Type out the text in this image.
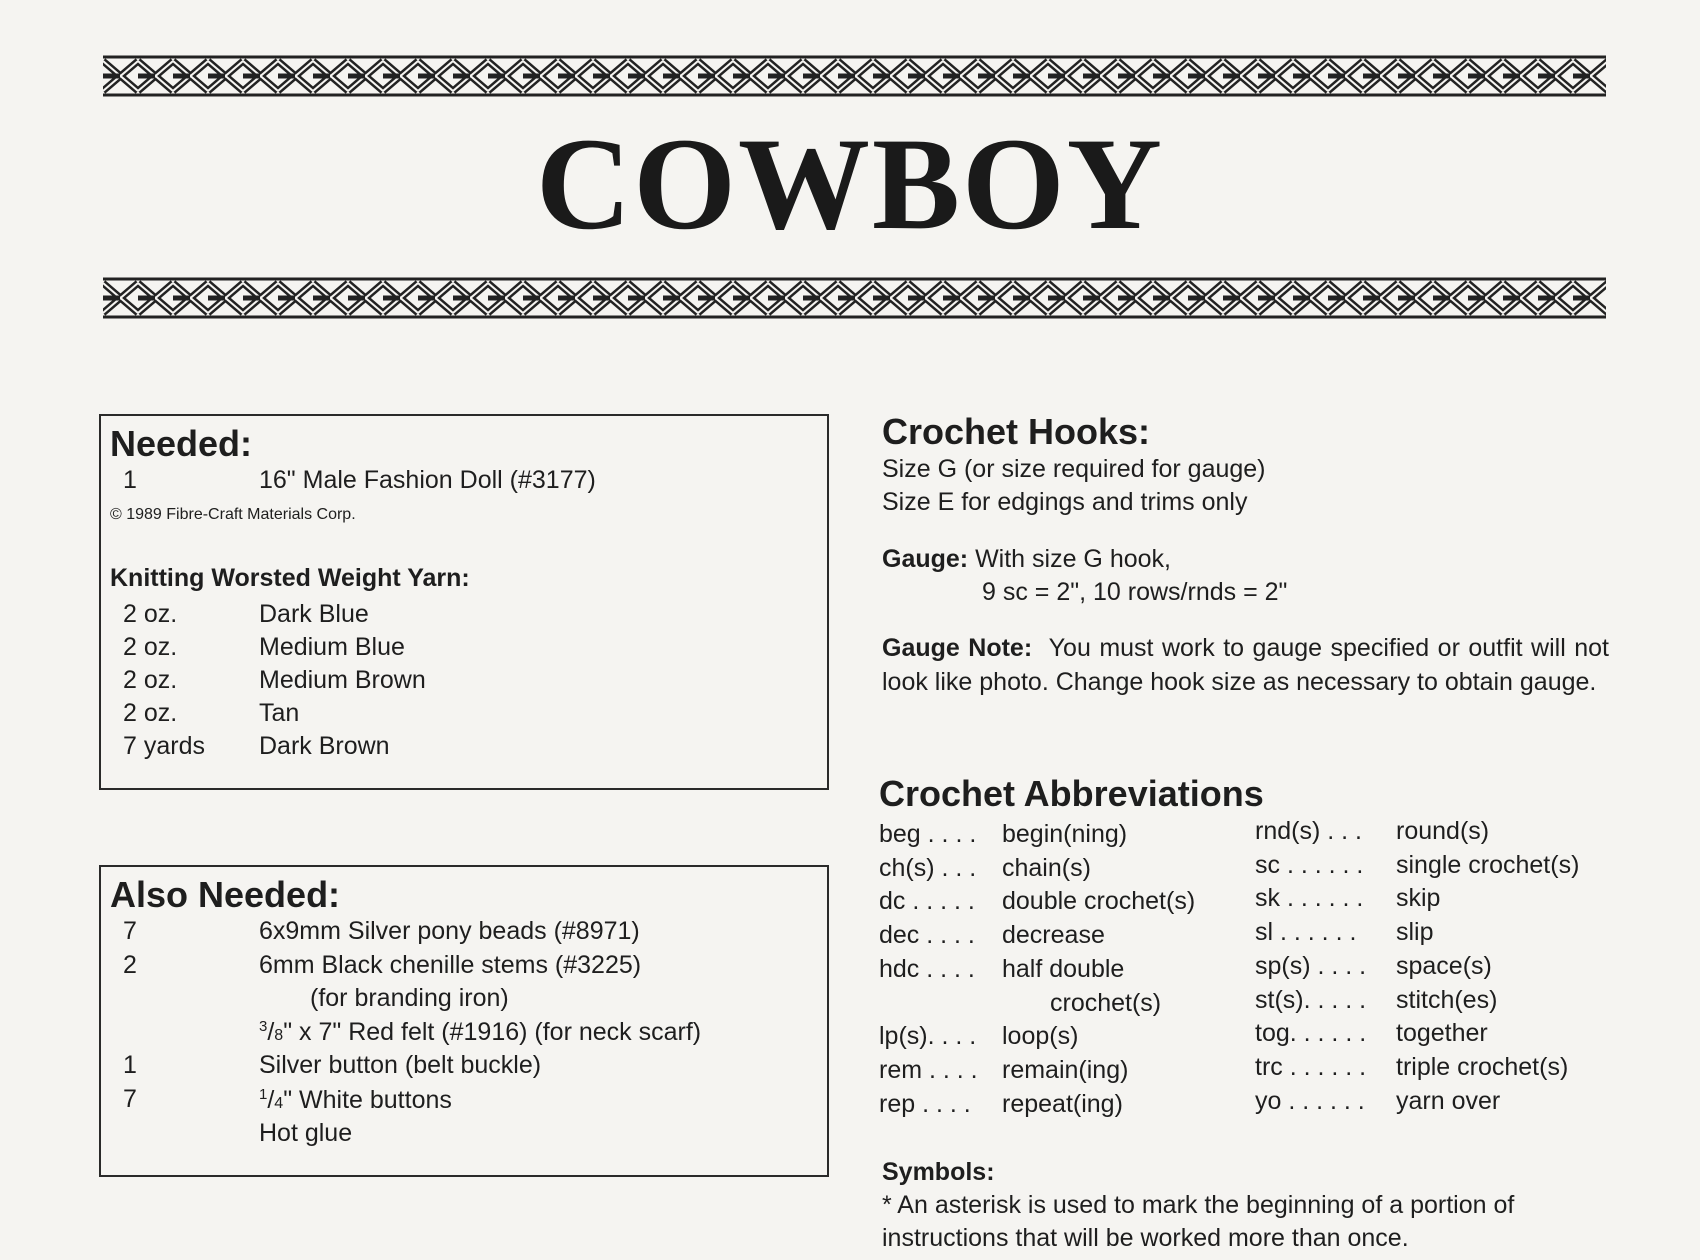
COWBOY
Needed:
1	16" Male Fashion Doll (#3177)
© 1989 Fibre-Craft Materials Corp.
Knitting Worsted Weight Yarn:
2 oz.	Dark Blue
2 oz.	Medium Blue
2 oz.	Medium Brown
2 oz.	Tan
7 yards Dark Brown
Also Needed:
7	6x9mm Silver pony beads (#8971)
2	6mm Black chenille stems (#3225)
(for branding iron)
$^3$/8" x 7" Red felt (#1916) (for neck scarf)
1	Silver button (belt buckle)
7	$^1$/4" White buttons
Hot glue
Crochet Hooks:
Size G (or size required for gauge)
Size E for edgings and trims only
Gauge: With size G hook,
9 sc = 2", 10 rows/rnds = 2"
Gauge Note: You must work to gauge specified or outfit will not look like photo. Change hook size as necessary to obtain gauge.
Crochet Abbreviations
beg . . . . begin(ning)
ch(s) . . . chain(s)
dc . . . . . double crochet(s)
dec . . . . decrease
hdc . . . . half double
crochet(s)
lp(s). . . . loop(s)
rem . . . . remain(ing)
rep . . . . repeat(ing)
rnd(s) . . . round(s)
sc . . . . . . single crochet(s)
sk . . . . . . skip
sl . . . . . . slip
sp(s) . . . . space(s)
st(s). . . . . stitch(es)
tog. . . . . . together
trc . . . . . . triple crochet(s)
yo . . . . . . yarn over
Symbols:
* An asterisk is used to mark the beginning of a portion of
instructions that will be worked more than once.
